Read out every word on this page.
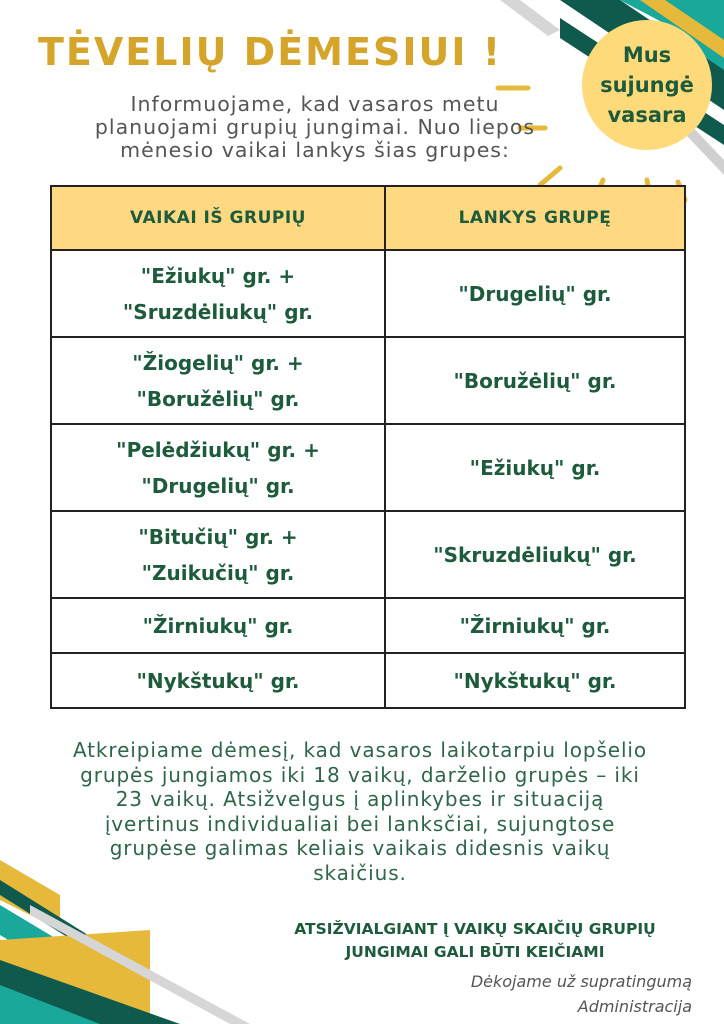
TĖVELIŲ DĖMESIUI !
Informuojame, kad vasaros metu planuojami grupių jungimai. Nuo liepos mėnesio vaikai lankys šias grupes:
Mus
sujungė
vasara
VAIKAI IŠ GRUPIŲ	LANKYS GRUPĘ

"Ežiukų" gr. +
"Sruzdėliukų" gr.	"Drugelių" gr.

"Žiogelių" gr. +
"Boružėlių" gr.	"Boružėlių" gr.

"Pelėdžiukų" gr. +
"Drugelių" gr.	"Ežiukų" gr.

"Bitučių" gr. +
"Zuikučių" gr.	"Skruzdėliukų" gr.
"Žirniukų" gr.	"Žirniukų" gr.
"Nykštukų" gr.	"Nykštukų" gr.
Atkreipiame dėmesį, kad vasaros laikotarpiu lopšelio grupės jungiamos iki 18 vaikų, darželio grupės – iki 23 vaikų. Atsižvelgus į aplinkybes ir situaciją įvertinus individualiai bei lanksčiai, sujungtose grupėse galimas keliais vaikais didesnis vaikų skaičius.
ATSIŽVIALGIANT Į VAIKŲ SKAIČIŲ GRUPIŲ
JUNGIMAI GALI BŪTI KEIČIAMI
Dėkojame už supratingumą
Administracija
